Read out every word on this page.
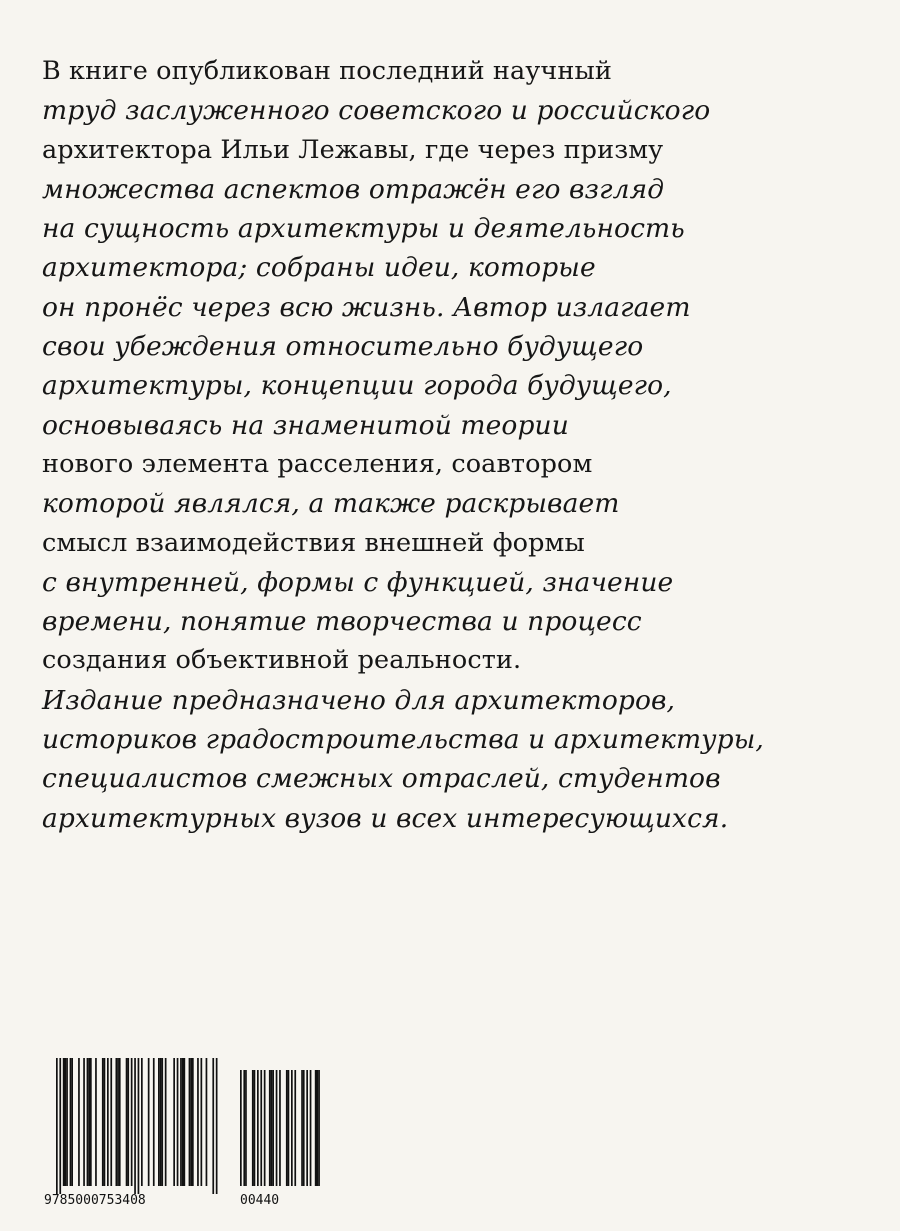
В книге опубликован последний научный
труд заслуженного советского и российского
архитектора Ильи Лежавы, где через призму
множества аспектов отражён его взгляд
на сущность архитектуры и деятельность
архитектора; собраны идеи, которые
он пронёс через всю жизнь. Автор излагает
свои убеждения относительно будущего
архитектуры, концепции города будущего,
основываясь на знаменитой теории
нового элемента расселения, соавтором
которой являлся, а также раскрывает
смысл взаимодействия внешней формы
с внутренней, формы с функцией, значение
времени, понятие творчества и процесс
создания объективной реальности.
Издание предназначено для архитекторов,
историков градостроительства и архитектуры,
специалистов смежных отраслей, студентов
архитектурных вузов и всех интересующихся.
9785000753408	00440
